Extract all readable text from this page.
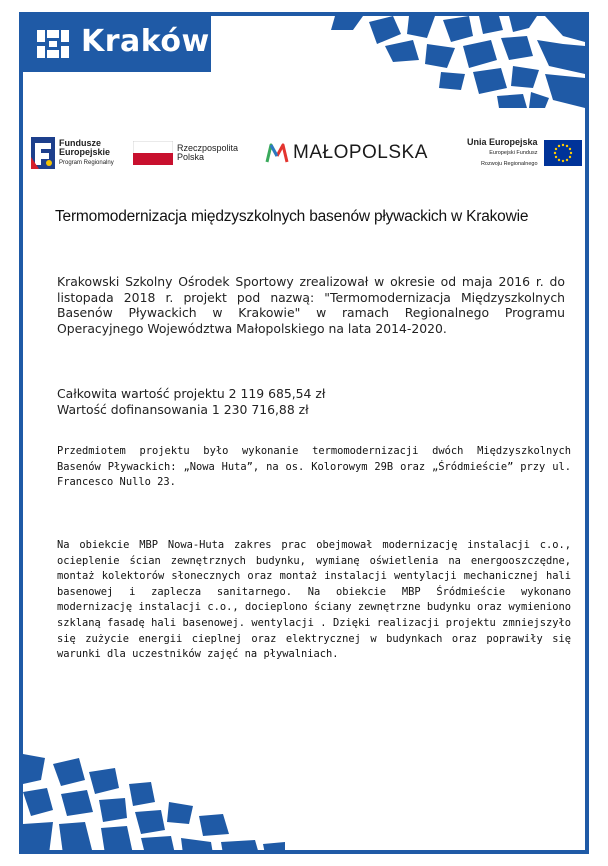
Kraków
Fundusze
Europejskie
Program Regionalny
Rzeczpospolita
Polska	MAŁOPOLSKA
Unia Europejska
Europejski Fundusz
Rozwoju Regionalnego
Termomodernizacja międzyszkolnych basenów pływackich w Krakowie
Krakowski Szkolny Ośrodek Sportowy zrealizował w okresie od maja 2016 r. do listopada 2018 r. projekt pod nazwą: "Termomodernizacja Międzyszkolnych Basenów Pływackich w Krakowie" w ramach Regionalnego Programu Operacyjnego Województwa Małopolskiego na lata 2014-2020.
Całkowita wartość projektu 2 119 685,54 zł
Wartość dofinansowania 1 230 716,88 zł
Przedmiotem projektu było wykonanie termomodernizacji dwóch Międzyszkolnych Basenów Pływackich: „Nowa Huta”, na os. Kolorowym 29B oraz „Śródmieście” przy ul. Francesco Nullo 23.
Na obiekcie MBP Nowa-Huta zakres prac obejmował modernizację instalacji c.o., ocieplenie ścian zewnętrznych budynku, wymianę oświetlenia na energooszczędne, montaż kolektorów słonecznych oraz montaż instalacji wentylacji mechanicznej hali basenowej i zaplecza sanitarnego. Na obiekcie MBP Śródmieście wykonano modernizację instalacji c.o., docieplono ściany zewnętrzne budynku oraz wymieniono szklaną fasadę hali basenowej. wentylacji . Dzięki realizacji projektu zmniejszyło się zużycie energii cieplnej oraz elektrycznej w budynkach oraz poprawiły się warunki dla uczestników zajęć na pływalniach.
